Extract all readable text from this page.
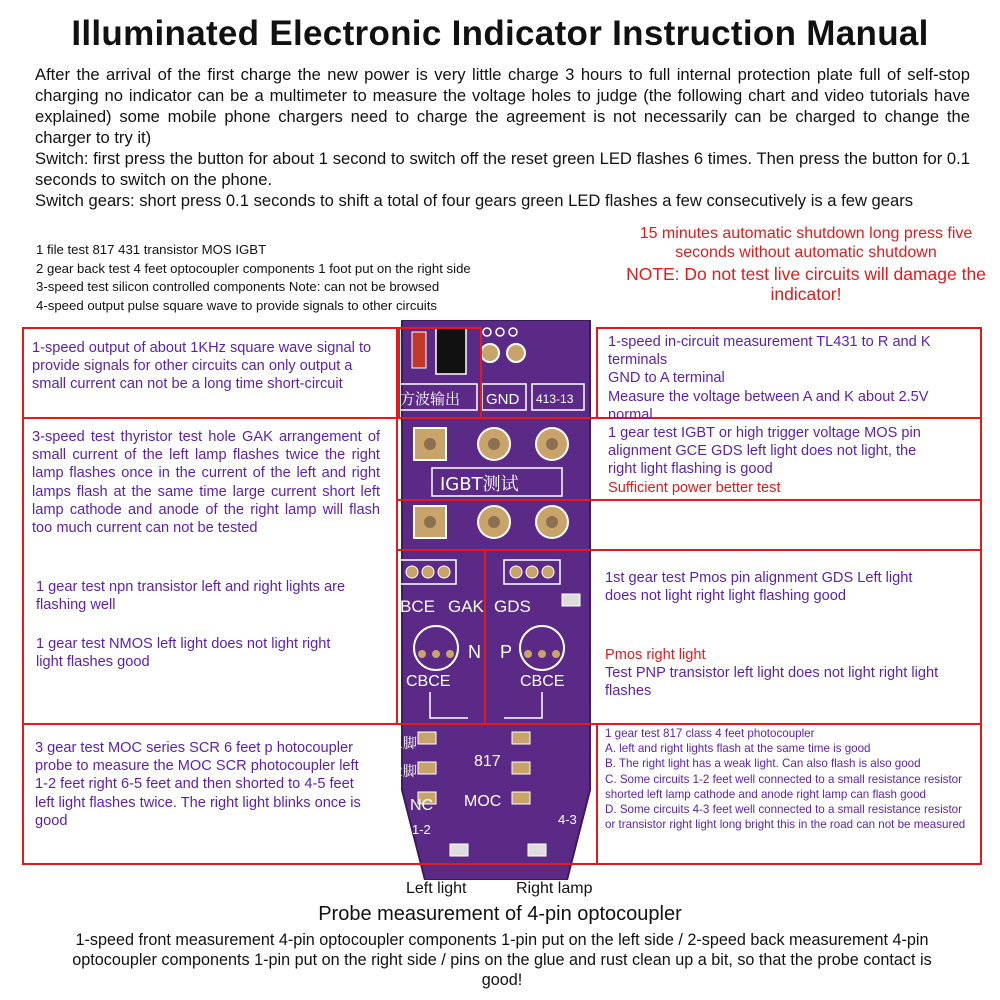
Illuminated Electronic Indicator Instruction Manual

After the arrival of the first charge the new power is very little charge 3 hours to full internal protection plate full of self-stop charging no indicator can be a multimeter to measure the voltage holes to judge (the following chart and video tutorials have explained) some mobile phone chargers need to charge the agreement is not necessarily can be charged to change the charger to try it)

Switch: first press the button for about 1 second to switch off the reset green LED flashes 6 times. Then press the button for 0.1 seconds to switch on the phone.

Switch gears: short press 0.1 seconds to shift a total of four gears green LED flashes a few consecutively is a few gears

1 file test 817 431 transistor MOS IGBT
2 gear back test 4 feet optocoupler components 1 foot put on the right side
3-speed test silicon controlled components Note: can not be browsed
4-speed output pulse square wave to provide signals to other circuits
15 minutes automatic shutdown long press five seconds without automatic shutdown
NOTE: Do not test live circuits will damage the indicator!
方波输出 GND 413-13
IGBT测试
BCE GAK GDS
N P
CBCE	CBCE
1脚
2脚
817
NC MOC
1-2
4-3
1-speed output of about 1KHz square wave signal to provide signals for other circuits can only output a small current can not be a long time short-circuit
1-speed in-circuit measurement TL431 to R and K terminals
GND to A terminal
Measure the voltage between A and K about 2.5V normal
3-speed test thyristor test hole GAK arrangement of small current of the left lamp flashes twice the right lamp flashes once in the current of the left and right lamps flash at the same time large current short left lamp cathode and anode of the right lamp will flash too much current can not be tested
1 gear test IGBT or high trigger voltage MOS pin alignment GCE GDS left light does not light, the right light flashing is good
Sufficient power better test
1 gear test npn transistor left and right lights are flashing well
1 gear test NMOS left light does not light right light flashes good
1st gear test Pmos pin alignment GDS Left light does not light right light flashing good
Pmos right light
Test PNP transistor left light does not light right light flashes
3 gear test MOC series SCR 6 feet p hotocoupler probe to measure the MOC SCR photocoupler left 1-2 feet right 6-5 feet and then shorted to 4-5 feet left light flashes twice. The right light blinks once is good
1 gear test 817 class 4 feet photocoupler
A. left and right lights flash at the same time is good
B. The right light has a weak light. Can also flash is also good
C. Some circuits 1-2 feet well connected to a small resistance resistor shorted left lamp cathode and anode right lamp can flash good
D. Some circuits 4-3 feet well connected to a small resistance resistor or transistor right light long bright this in the road can not be measured
Left light	Right lamp
Probe measurement of 4-pin optocoupler
1-speed front measurement 4-pin optocoupler components 1-pin put on the left side / 2-speed back measurement 4-pin optocoupler components 1-pin put on the right side / pins on the glue and rust clean up a bit, so that the probe contact is good!
